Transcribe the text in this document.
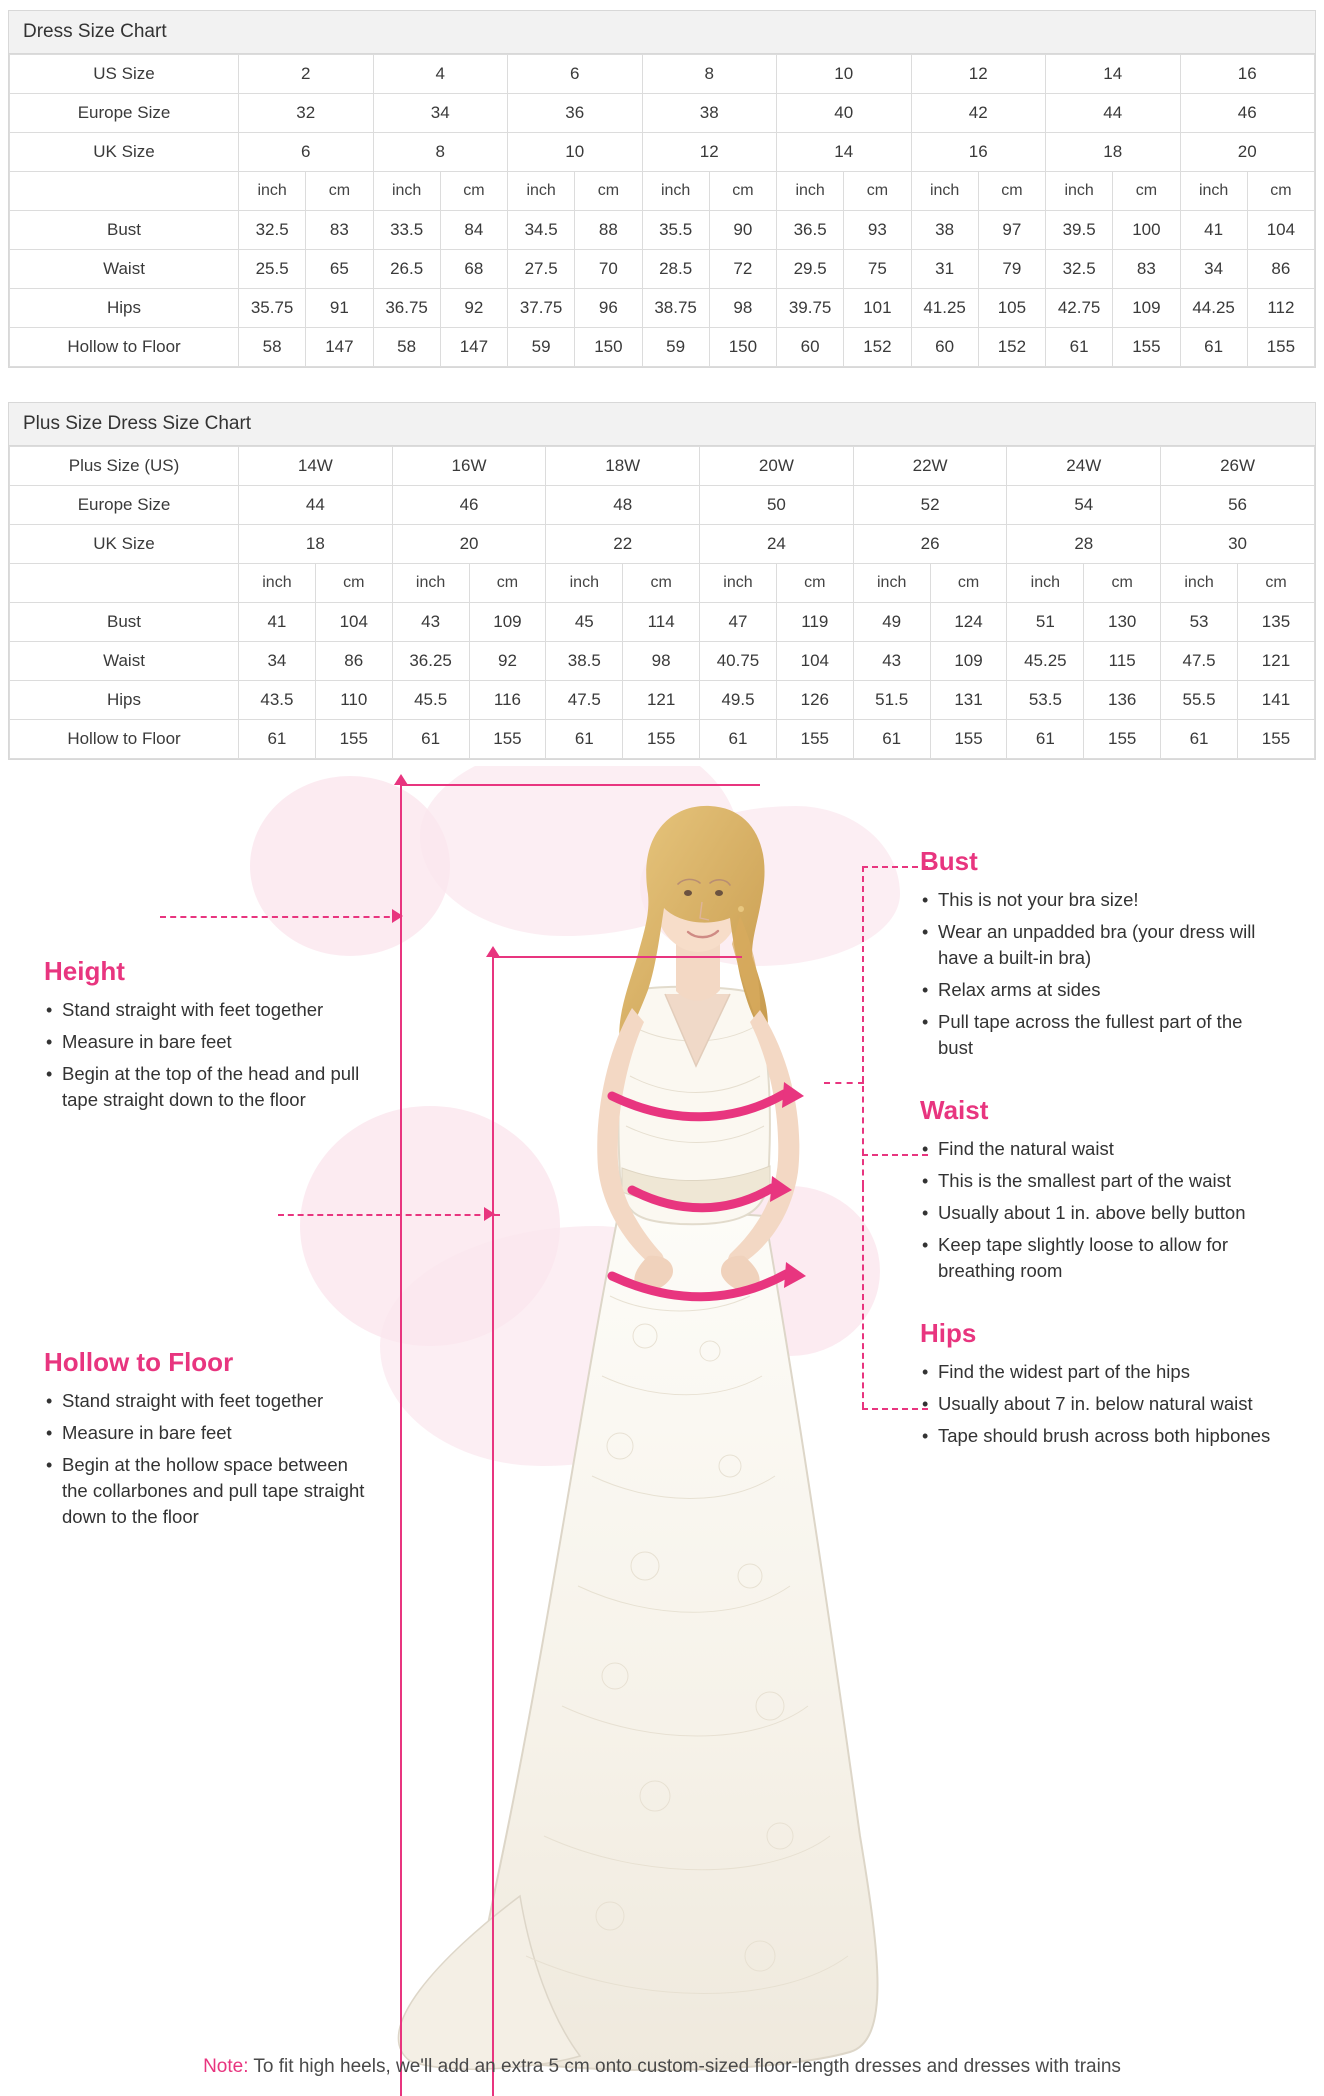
Dress Size Chart
US Size	2		4		6		8		10		12		14		16	
Europe Size	32		34		36		38		40		42		44		46	
UK Size	6		8		10		12		14		16		18		20	
	inch	cm	inch	cm	inch	cm	inch	cm	inch	cm	inch	cm	inch	cm	inch	cm
Bust	32.5	83	33.5	84	34.5	88	35.5	90	36.5	93	38	97	39.5	100	41	104
Waist	25.5	65	26.5	68	27.5	70	28.5	72	29.5	75	31	79	32.5	83	34	86
Hips	35.75	91	36.75	92	37.75	96	38.75	98	39.75	101	41.25	105	42.75	109	44.25	112
Hollow to Floor	58	147	58	147	59	150	59	150	60	152	60	152	61	155	61	155
Plus Size Dress Size Chart
Plus Size (US)	14W		16W		18W		20W		22W		24W		26W	
Europe Size	44		46		48		50		52		54		56	
UK Size	18		20		22		24		26		28		30	
	inch	cm	inch	cm	inch	cm	inch	cm	inch	cm	inch	cm	inch	cm
Bust	41	104	43	109	45	114	47	119	49	124	51	130	53	135
Waist	34	86	36.25	92	38.5	98	40.75	104	43	109	45.25	115	47.5	121
Hips	43.5	110	45.5	116	47.5	121	49.5	126	51.5	131	53.5	136	55.5	141
Hollow to Floor	61	155	61	155	61	155	61	155	61	155	61	155	61	155
Height
• Stand straight with feet together
• Measure in bare feet
• Begin at the top of the head and pull tape straight down to the floor
Hollow to Floor
• Stand straight with feet together
• Measure in bare feet
• Begin at the hollow space between the collarbones and pull tape straight down to the floor
Bust
• This is not your bra size!
• Wear an unpadded bra (your dress will have a built-in bra)
• Relax arms at sides
• Pull tape across the fullest part of the bust
Waist
• Find the natural waist
• This is the smallest part of the waist
• Usually about 1 in. above belly button
• Keep tape slightly loose to allow for breathing room
Hips
• Find the widest part of the hips
• Usually about 7 in. below natural waist
• Tape should brush across both hipbones
Note: To fit high heels, we'll add an extra 5 cm onto custom-sized floor-length dresses and dresses with trains
